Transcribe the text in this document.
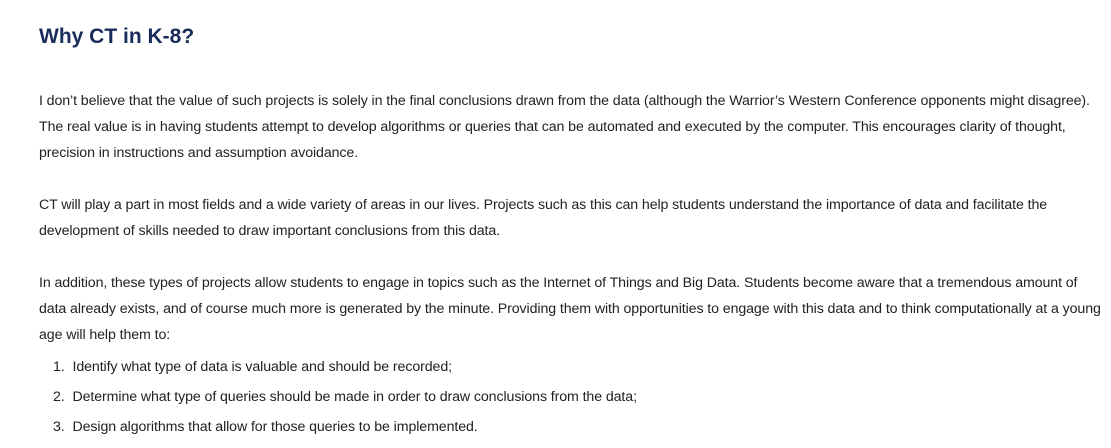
Why CT in K-8?

I don’t believe that the value of such projects is solely in the final conclusions drawn from the data (although the Warrior’s Western Conference opponents might disagree). The real value is in having students attempt to develop algorithms or queries that can be automated and executed by the computer. This encourages clarity of thought, precision in instructions and assumption avoidance.

CT will play a part in most fields and a wide variety of areas in our lives. Projects such as this can help students understand the importance of data and facilitate the development of skills needed to draw important conclusions from this data.

In addition, these types of projects allow students to engage in topics such as the Internet of Things and Big Data. Students become aware that a tremendous amount of data already exists, and of course much more is generated by the minute. Providing them with opportunities to engage with this data and to think computationally at a young age will help them to:

1. Identify what type of data is valuable and should be recorded;
2. Determine what type of queries should be made in order to draw conclusions from the data;
3. Design algorithms that allow for those queries to be implemented.
